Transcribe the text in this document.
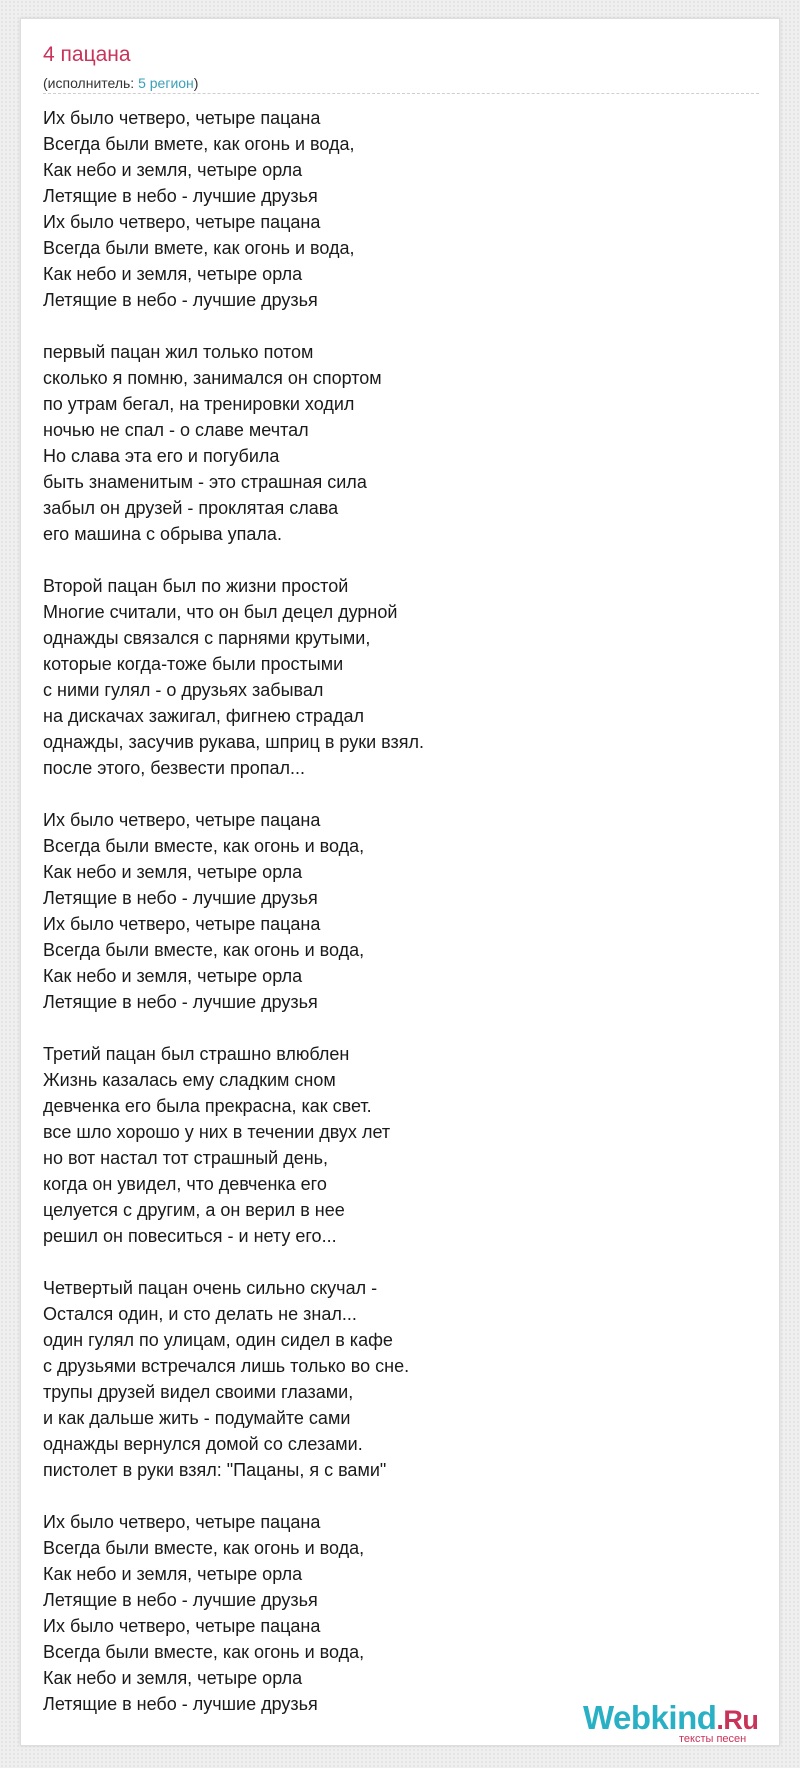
4 пацана
(исполнитель: 5 регион)
Их было четверо, четыре пацана
Всегда были вмете, как огонь и вода,
Как небо и земля, четыре орла
Летящие в небо - лучшие друзья
Их было четверо, четыре пацана
Всегда были вмете, как огонь и вода,
Как небо и земля, четыре орла
Летящие в небо - лучшие друзья
первый пацан жил только потом
сколько я помню, занимался он спортом
по утрам бегал, на тренировки ходил
ночью не спал - о славе мечтал
Но слава эта его и погубила
быть знаменитым - это страшная сила
забыл он друзей - проклятая слава
его машина с обрыва упала.
Второй пацан был по жизни простой
Многие считали, что он был децел дурной
однажды связался с парнями крутыми,
которые когда-тоже были простыми
с ними гулял - о друзьях забывал
на дискачах зажигал, фигнею страдал
однажды, засучив рукава, шприц в руки взял.
после этого, безвести пропал...
Их было четверо, четыре пацана
Всегда были вместе, как огонь и вода,
Как небо и земля, четыре орла
Летящие в небо - лучшие друзья
Их было четверо, четыре пацана
Всегда были вместе, как огонь и вода,
Как небо и земля, четыре орла
Летящие в небо - лучшие друзья
Третий пацан был страшно влюблен
Жизнь казалась ему сладким сном
девченка его была прекрасна, как свет.
все шло хорошо у них в течении двух лет
но вот настал тот страшный день,
когда он увидел, что девченка его
целуется с другим, а он верил в нее
решил он повеситься - и нету его...
Четвертый пацан очень сильно скучал -
Остался один, и сто делать не знал...
один гулял по улицам, один сидел в кафе
с друзьями встречался лишь только во сне.
трупы друзей видел своими глазами,
и как дальше жить - подумайте сами
однажды вернулся домой со слезами.
пистолет в руки взял: "Пацаны, я с вами"
Их было четверо, четыре пацана
Всегда были вместе, как огонь и вода,
Как небо и земля, четыре орла
Летящие в небо - лучшие друзья
Их было четверо, четыре пацана
Всегда были вместе, как огонь и вода,
Как небо и земля, четыре орла
Летящие в небо - лучшие друзья	Webkind.Ru
тексты песен
